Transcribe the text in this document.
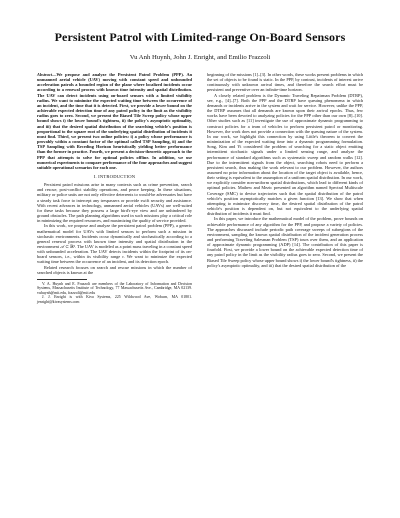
Persistent Patrol with Limited-range On-Board Sensors
Vu Anh Huynh, John J. Enright, and Emilio Frazzoli

Abstract—We propose and analyze the Persistent Patrol Problem (PPP). An unmanned aerial vehicle (UAV) moving with constant speed and unbounded acceleration patrols a bounded region of the plane where localized incidents occur according to a renewal process with known time intensity and spatial distribution. The UAV can detect incidents using on-board sensors with a limited visibility radius. We want to minimize the expected waiting time between the occurrence of an incident, and the time that it is detected. First, we provide a lower bound on the achievable expected detection time of any patrol policy in the limit as the visibility radius goes to zero. Second, we present the Biased Tile Sweep policy whose upper bound shows i) the lower bound's tightness, ii) the policy's asymptotic optimality, and iii) that the desired spatial distribution of the searching vehicle's position is proportional to the square root of the underlying spatial distribution of incidents it must find. Third, we present two online policies: i) a policy whose performance is provably within a constant factor of the optimal called TSP Sampling, ii) and the TSP Sampling with Receding Horizon heuristically yielding better performance than the former in practice. Fourth, we present a decision-theoretic approach to the PPP that attempts to solve for optimal policies offline. In addition, we use numerical experiments to compare performance of the four approaches and suggest suitable operational scenarios for each one.

I. INTRODUCTION

Persistent patrol missions arise in many contexts such as crime prevention, search and rescue, post-conflict stability operations, and peace keeping. In these situations, military or police units are not only effective deterrents to would-be adversaries but have a steady task force to intercept any trespassers or provide swift security and assistance. With recent advances in technology, unmanned aerial vehicles (UAVs) are well-suited for these tasks because they possess a large bird's-eye view and are unhindered by ground obstacles. The path planning algorithms used in such missions play a critical role in minimizing the required resources, and maximizing the quality of service provided.

In this work, we propose and analyze the persistent patrol problem (PPP), a generic mathematical model for UAVs with limited sensors to perform such a mission in stochastic environments. Incidents occur dynamically and stochastically according to a general renewal process with known time intensity and spatial distribution in the environment 𝒜 ⊂ ℝ². The UAV is modeled as a point mass traveling in a constant speed with unbounded acceleration. The UAV detects incidents within the footprint of its on-board sensors, i.e., within its visibility range r. We want to minimize the expected waiting time between the occurrence of an incident, and its detection epoch.

Related research focuses on search and rescue missions in which the number of searched objects is known at the

V. A. Huynh and E. Frazzoli are members of the Laboratory of Information and Decision Systems, Massachusetts Institute of Technology, 77 Massachusetts Ave., Cambridge, MA 02139. vuhuynh@mit.edu, frazzoli@mit.edu

J. J. Enright is with Kiva Systems, 225 Wildwood Ave, Woburn, MA 01801. jenright@kivasystems.com

beginning of the missions [1]–[3]. In other words, these works present problems in which the set of objects to be found is static. In the PPP, by contrast, incidents of interest arrive continuously with unknown arrival times, and therefore the search effort must be persistent and preventive over an infinite-time horizon.

A closely related problem is the Dynamic Traveling Repairman Problem (DTRP), see, e.g., [4]–[7]. Both the PPP and the DTRP have queuing phenomena in which demands or incidents arrive in the system and wait for service. However, unlike the PPP, the DTRP assumes that all demands are known upon their arrival epochs. Thus, few works have been devoted to analyzing policies for the PPP other than our own [8]–[10]. Other studies such as [11] investigate the use of approximate dynamic programming to construct policies for a team of vehicles to perform persistent patrol or monitoring. However, the work does not provide a connection with the queuing nature of the system. In our work, we highlight this connection by using Little's theorem to convert the minimization of the expected waiting time into a dynamic programming formulation. Song, Kim and Yi considered the problem of searching for a static object emitting intermittent stochastic signals under a limited sensing range, and analyze the performance of standard algorithms such as systematic sweep and random walks [12]. Due to the intermittent signals from the object, searching robots need to perform a persistent search, thus making the work relevant to our problem. However, the authors assumed no prior information about the location of the target object is available, hence, their setting is equivalent to the assumption of a uniform spatial distribution. In our work, we explicitly consider non-uniform spatial distributions, which lead to different kinds of optimal policies. Mathew and Mezic presented an algorithm named Spectral Multiscale Coverage (SMC) to devise trajectories such that the spatial distribution of the patrol vehicle's position asymptotically matches a given function [13]. We show that when attempting to minimize discovery time, the desired spatial distribution of the patrol vehicle's position is dependent on, but not equivalent to the underlying spatial distribution of incidents it must find.

In this paper, we introduce the mathematical model of the problem, prove bounds on achievable performance of any algorithm for the PPP, and propose a variety of policies. The approaches discussed include periodic path coverage sweeps of subregions of the environment, sampling the known spatial distribution of the incident generation process and performing Traveling Salesman Problem (TSP) tours over them, and an application of approximate dynamic programming (ADP) [14]. The contribution of this paper is fourfold. First, we provide a lower bound on the achievable expected detection time of any patrol policy in the limit as the visibility radius goes to zero. Second, we present the Biased Tile Sweep policy whose upper bound shows i) the lower bound's tightness, ii) the policy's asymptotic optimality, and iii) that the desired spatial distribution of the
